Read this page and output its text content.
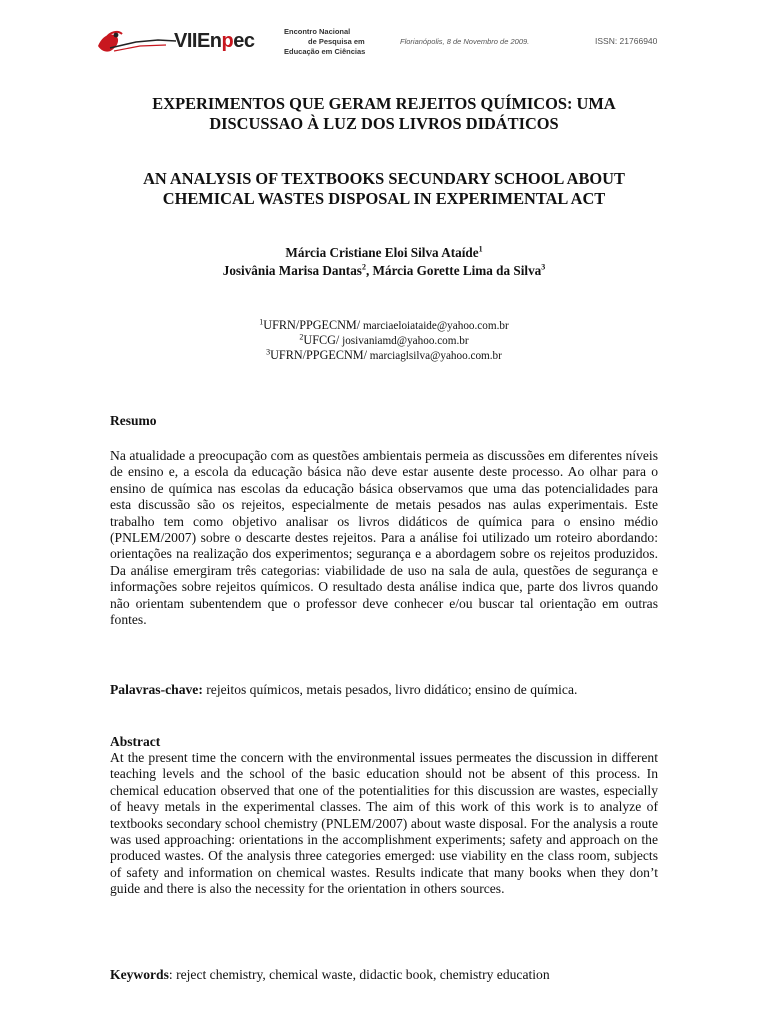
VIIEnpec	Encontro Nacional
de Pesquisa em
Educação em Ciências
Florianópolis, 8 de Novembro de 2009.	ISSN: 21766940
EXPERIMENTOS QUE GERAM REJEITOS QUÍMICOS: UMA
DISCUSSAO À LUZ DOS LIVROS DIDÁTICOS
AN ANALYSIS OF TEXTBOOKS SECUNDARY SCHOOL ABOUT
CHEMICAL WASTES DISPOSAL IN EXPERIMENTAL ACT
Márcia Cristiane Eloi Silva Ataíde$^1$
Josivânia Marisa Dantas$^2$, Márcia Gorette Lima da Silva$^3$
$^1$UFRN/PPGECNM/ marciaeloiataide@yahoo.com.br
$^2$UFCG/ josivaniamd@yahoo.com.br
$^3$UFRN/PPGECNM/ marciaglsilva@yahoo.com.br
Resumo
Na atualidade a preocupação com as questões ambientais permeia as discussões em diferentes níveis de ensino e, a escola da educação básica não deve estar ausente deste processo. Ao olhar para o ensino de química nas escolas da educação básica observamos que uma das potencialidades para esta discussão são os rejeitos, especialmente de metais pesados nas aulas experimentais. Este trabalho tem como objetivo analisar os livros didáticos de química para o ensino médio (PNLEM/2007) sobre o descarte destes rejeitos. Para a análise foi utilizado um roteiro abordando: orientações na realização dos experimentos; segurança e a abordagem sobre os rejeitos produzidos. Da análise emergiram três categorias: viabilidade de uso na sala de aula, questões de segurança e informações sobre rejeitos químicos. O resultado desta análise indica que, parte dos livros quando não orientam subentendem que o professor deve conhecer e/ou buscar tal orientação em outras fontes.
Palavras-chave: rejeitos químicos, metais pesados, livro didático; ensino de química.
Abstract
At the present time the concern with the environmental issues permeates the discussion in different teaching levels and the school of the basic education should not be absent of this process. In chemical education observed that one of the potentialities for this discussion are wastes, especially of heavy metals in the experimental classes. The aim of this work of this work is to analyze of textbooks secondary school chemistry (PNLEM/2007) about waste disposal. For the analysis a route was used approaching: orientations in the accomplishment experiments; safety and approach on the produced wastes. Of the analysis three categories emerged: use viability en the class room, subjects of safety and information on chemical wastes. Results indicate that many books when they don’t guide and there is also the necessity for the orientation in others sources.
Keywords: reject chemistry, chemical waste, didactic book, chemistry education
